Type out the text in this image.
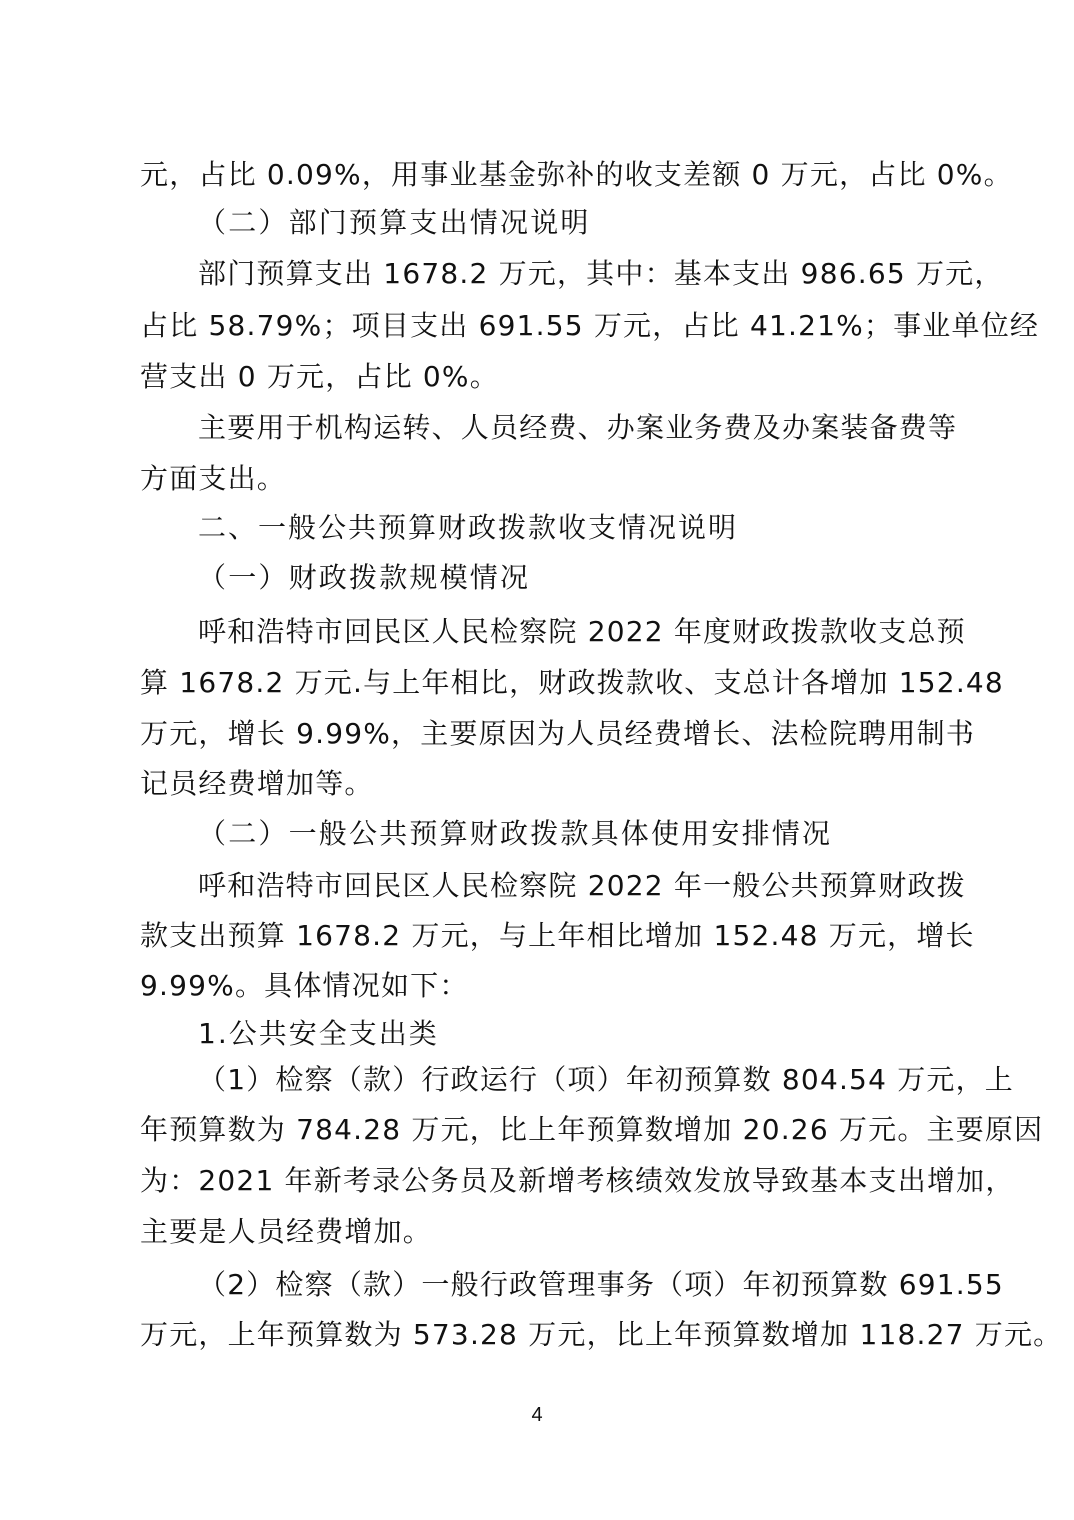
元，占比 0.09%，用事业基金弥补的收支差额 0 万元，占比 0%。
（二）部门预算支出情况说明
部门预算支出 1678.2 万元，其中：基本支出 986.65 万元，
占比 58.79%；项目支出 691.55 万元，占比 41.21%；事业单位经
营支出 0 万元，占比 0%。
主要用于机构运转、人员经费、办案业务费及办案装备费等
方面支出。
二、一般公共预算财政拨款收支情况说明
（一）财政拨款规模情况
呼和浩特市回民区人民检察院 2022 年度财政拨款收支总预
算 1678.2 万元.与上年相比，财政拨款收、支总计各增加 152.48
万元，增长 9.99%，主要原因为人员经费增长、法检院聘用制书
记员经费增加等。
（二）一般公共预算财政拨款具体使用安排情况
呼和浩特市回民区人民检察院 2022 年一般公共预算财政拨
款支出预算 1678.2 万元，与上年相比增加 152.48 万元，增长
9.99%。具体情况如下：
1.公共安全支出类
（1）检察（款）行政运行（项）年初预算数 804.54 万元，上
年预算数为 784.28 万元，比上年预算数增加 20.26 万元。主要原因
为：2021 年新考录公务员及新增考核绩效发放导致基本支出增加，
主要是人员经费增加。
（2）检察（款）一般行政管理事务（项）年初预算数 691.55
万元，上年预算数为 573.28 万元，比上年预算数增加 118.27 万元。
4
